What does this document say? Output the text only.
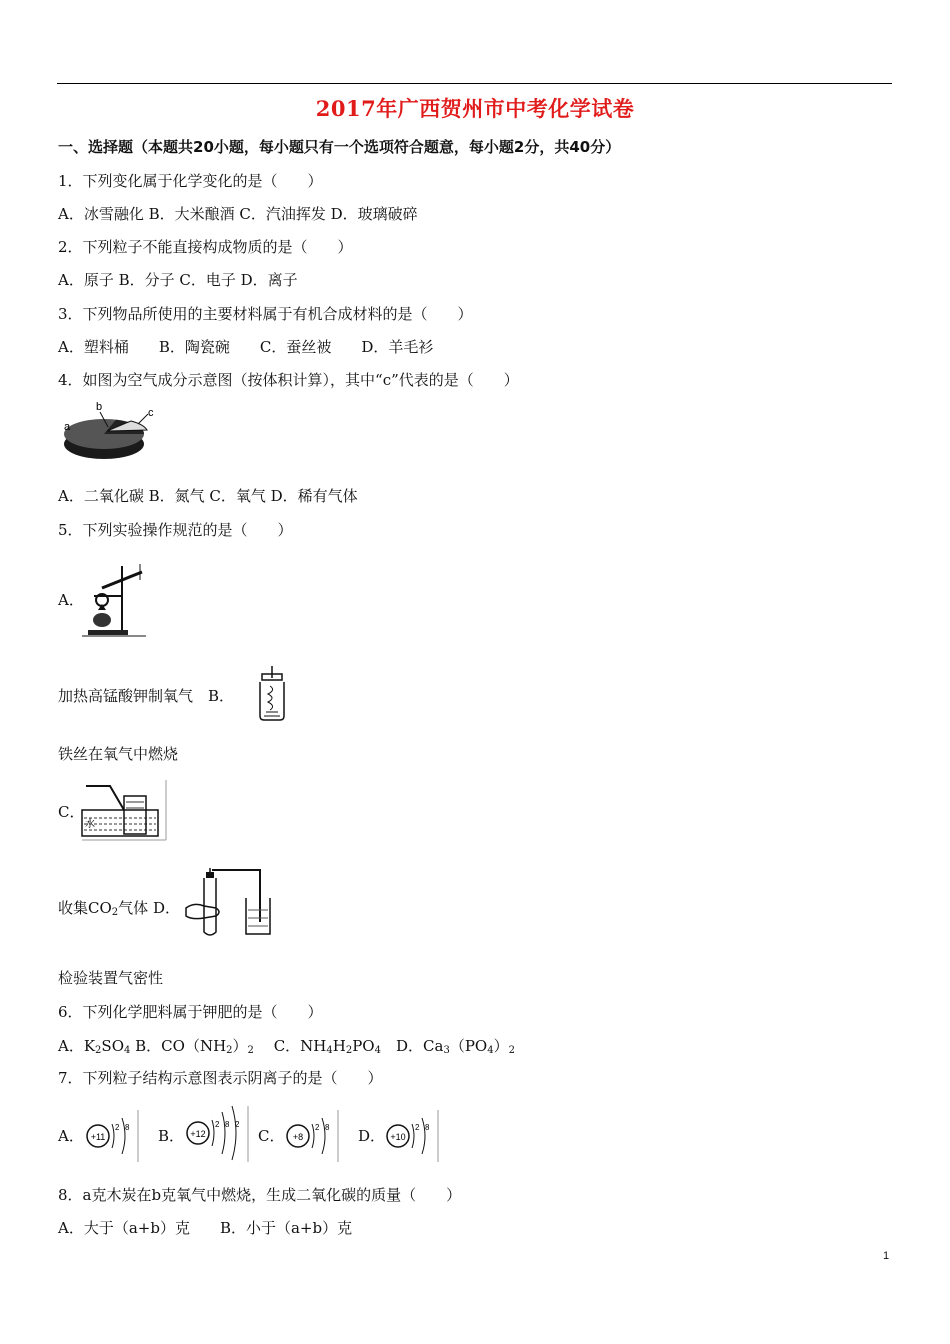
2017年广西贺州市中考化学试卷
一、选择题（本题共20小题，每小题只有一个选项符合题意，每小题2分，共40分）
1．下列变化属于化学变化的是（　　）
A．冰雪融化 B．大米酿酒 C．汽油挥发 D．玻璃破碎
2．下列粒子不能直接构成物质的是（　　）
A．原子 B．分子 C．电子 D．离子
3．下列物品所使用的主要材料属于有机合成材料的是（　　）
A．塑料桶　　B．陶瓷碗　　C．蚕丝被　　D．羊毛衫
4．如图为空气成分示意图（按体积计算），其中“c”代表的是（　　）
a
b	c
A．二氧化碳 B．氮气 C．氧气 D．稀有气体
5．下列实验操作规范的是（　　）
A．
加热高锰酸钾制氧气　 B．
铁丝在氧气中燃烧
C．
水
收集$CO_2$气体 D．
检验装置气密性
6．下列化学肥料属于钾肥的是（　　）
A．$K_2SO_4$ B．$CO(NH_2)_2$　 C．$NH_4H_2PO_4$　D．$Ca_3(PO_4)_2$
7．下列粒子结构示意图表示阴离子的是（　　）
A． +11
2 8 B． +12
2 8 2
C． +8
2 8 D． +10
2 8
8．a克木炭在b克氧气中燃烧，生成二氧化碳的质量（　　）
A．大于（a+b）克　　B．小于（a+b）克
1
